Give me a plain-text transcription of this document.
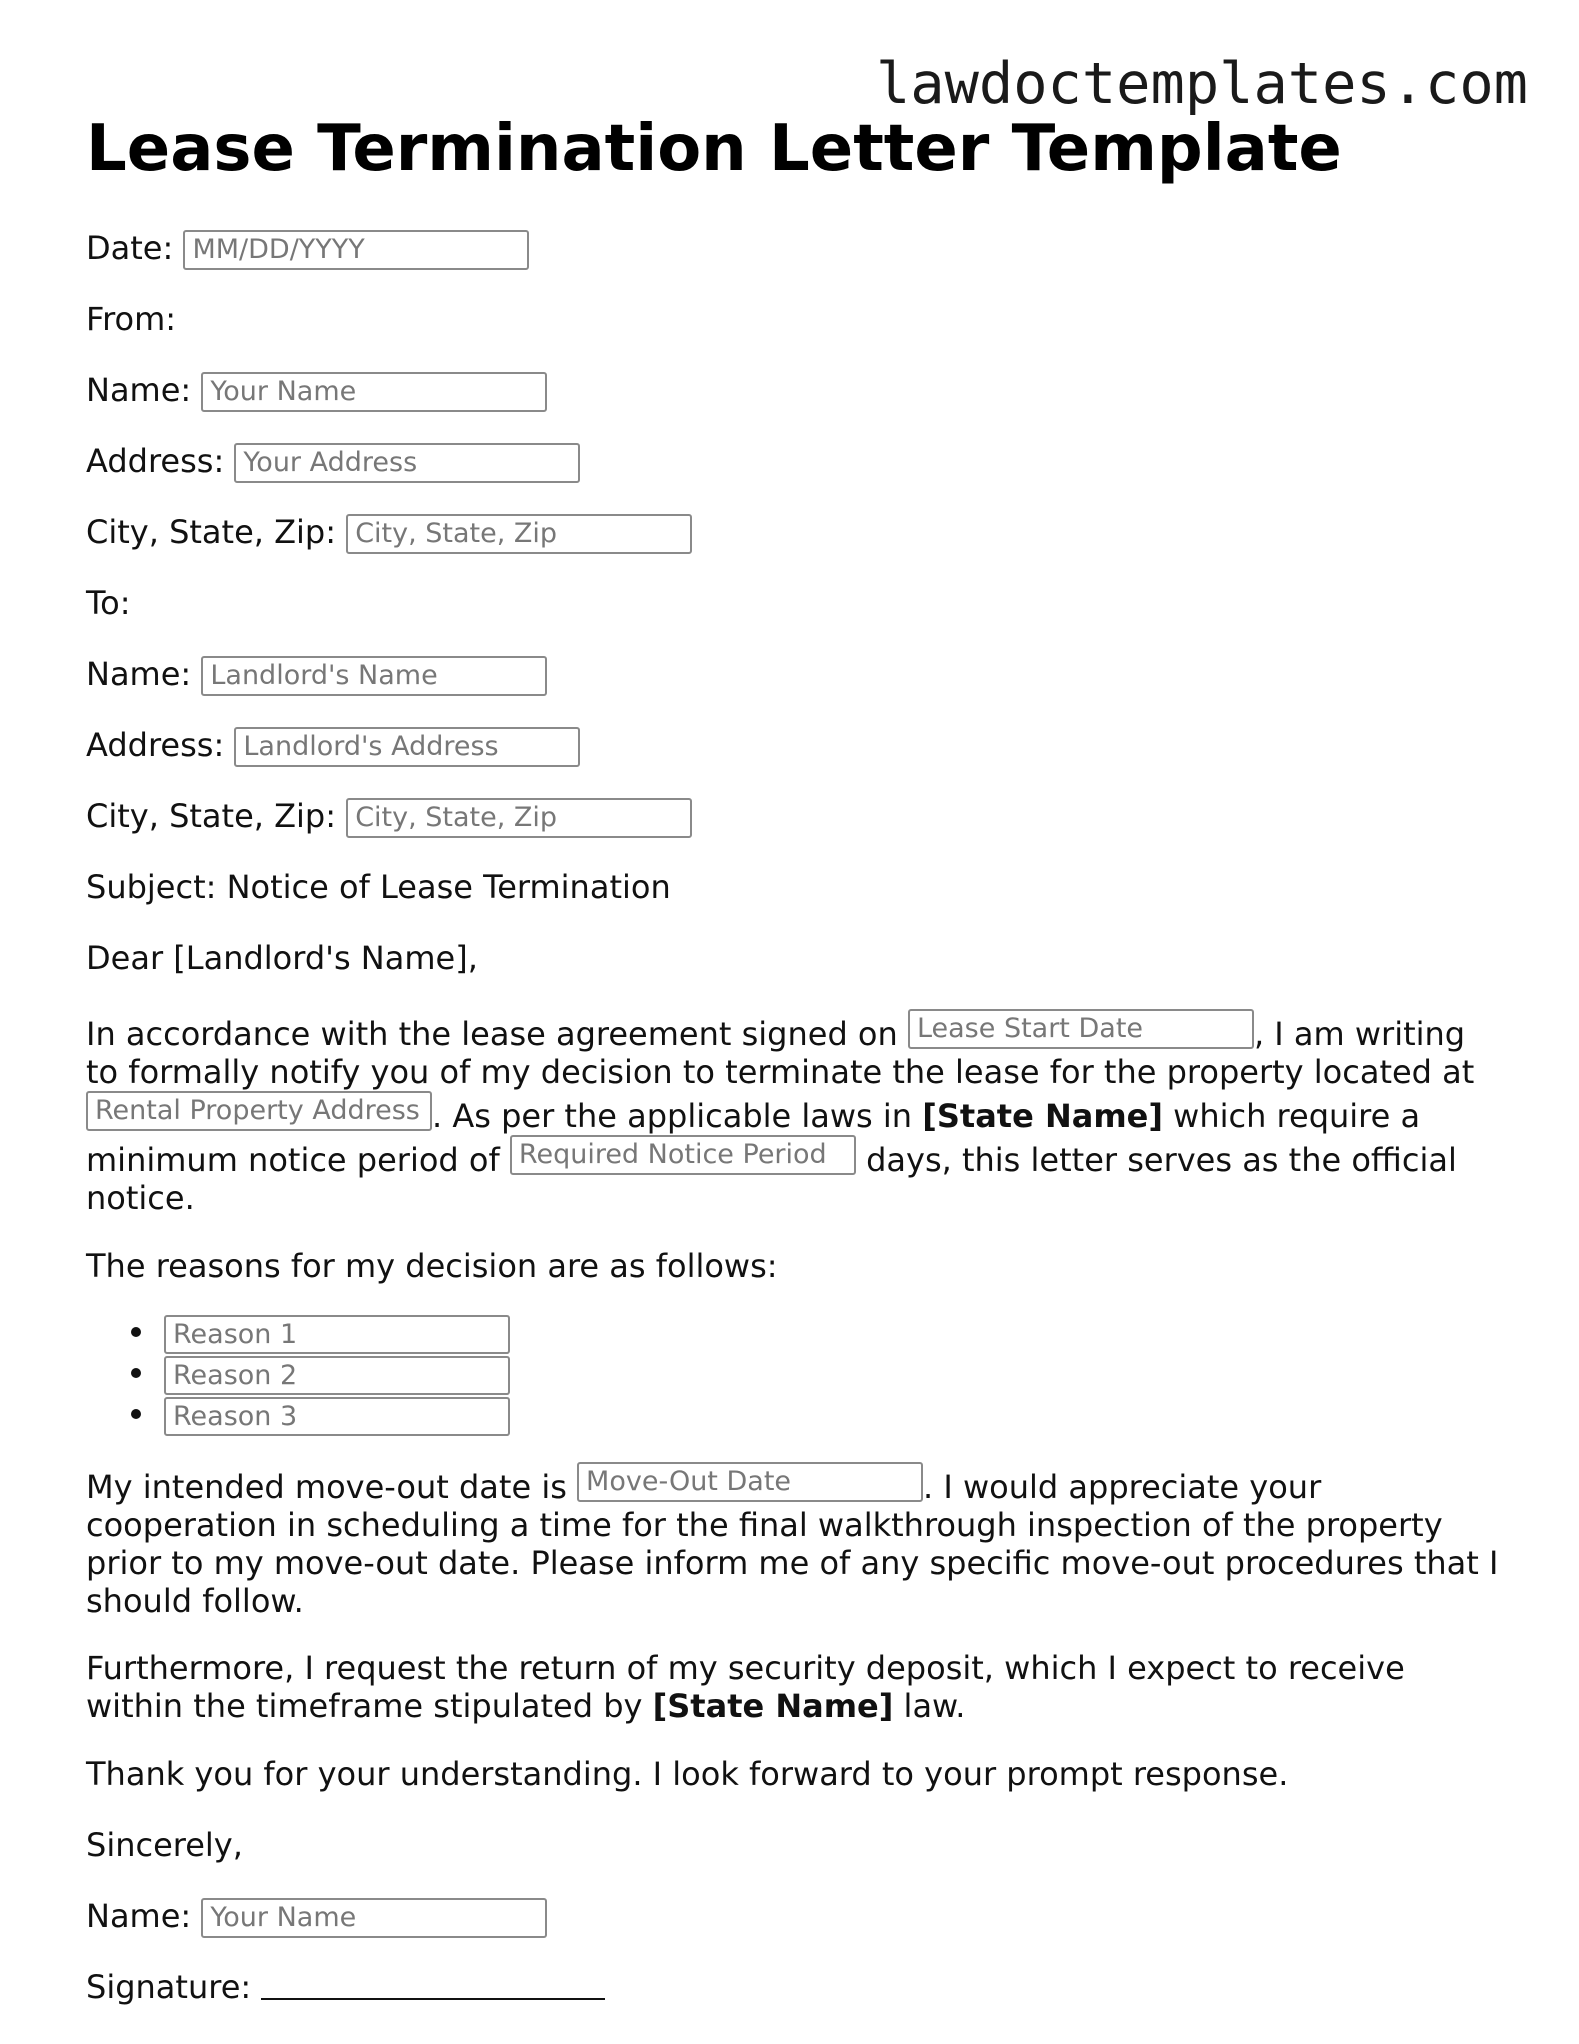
lawdoctemplates.com
Lease Termination Letter Template
Date: MM/DD/YYYY
From:
Name: Your Name
Address: Your Address
City, State, Zip: City, State, Zip
To:
Name: Landlord's Name
Address: Landlord's Address
City, State, Zip: City, State, Zip
Subject: Notice of Lease Termination
Dear [Landlord's Name],

In accordance with the lease agreement signed on Lease Start Date	, I am writing to formally notify you of my decision to terminate the lease for the property located at Rental Property Address . As per the applicable laws in [State Name] which require a minimum notice period of Required Notice Period days, this letter serves as the official notice.

The reasons for my decision are as follows:
Reason 1
Reason 2
Reason 3

My intended move-out date is Move-Out Date	. I would appreciate your cooperation in scheduling a time for the final walkthrough inspection of the property prior to my move-out date. Please inform me of any specific move-out procedures that I should follow.

Furthermore, I request the return of my security deposit, which I expect to receive within the timeframe stipulated by [State Name] law.

Thank you for your understanding. I look forward to your prompt response.
Sincerely,
Name: Your Name
Signature:
